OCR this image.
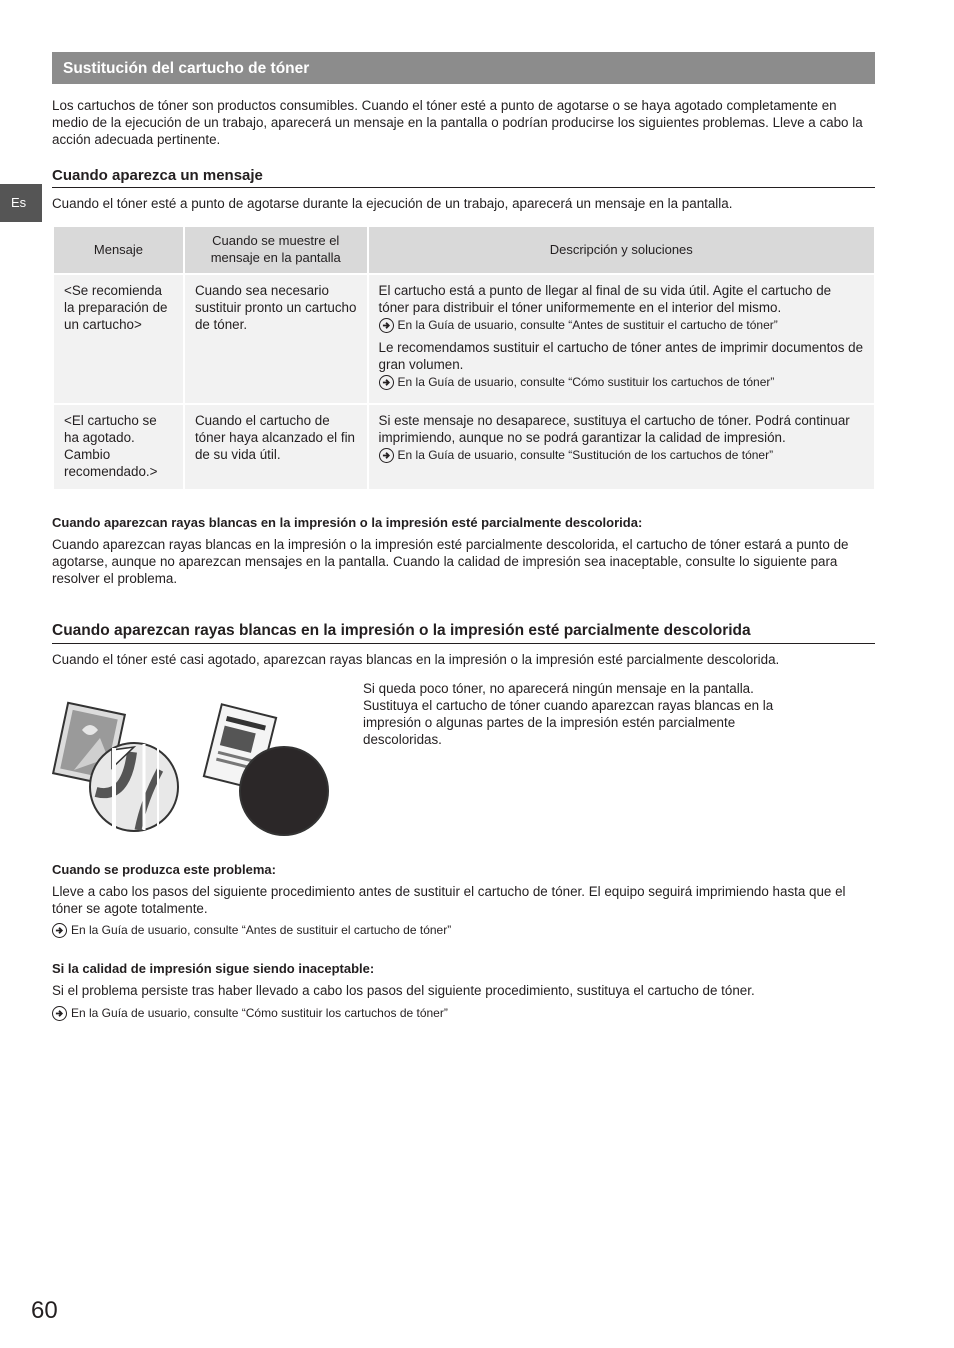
Sustitución del cartucho de tóner

Los cartuchos de tóner son productos consumibles. Cuando el tóner esté a punto de agotarse o se haya agotado completamente en medio de la ejecución de un trabajo, aparecerá un mensaje en la pantalla o podrían producirse los siguientes problemas. Lleve a cabo la acción adecuada pertinente.

Es
Cuando aparezca un mensaje

Cuando el tóner esté a punto de agotarse durante la ejecución de un trabajo, aparecerá un mensaje en la pantalla.

Mensaje	Cuando se muestre el mensaje en la pantalla	Descripción y soluciones
<Se recomienda la preparación de un cartucho>	Cuando sea necesario sustituir pronto un cartucho de tóner.	El cartucho está a punto de llegar al final de su vida útil. Agite el cartucho de tóner para distribuir el tóner uniformemente en el interior del mismo.

En la Guía de usuario, consulte “Antes de sustituir el cartucho de tóner”

Le recomendamos sustituir el cartucho de tóner antes de imprimir documentos de gran volumen.

En la Guía de usuario, consulte “Cómo sustituir los cartuchos de tóner”

<El cartucho se ha agotado. Cambio recomendado.>	Cuando el cartucho de tóner haya alcanzado el fin de su vida útil.	Si este mensaje no desaparece, sustituya el cartucho de tóner. Podrá continuar imprimiendo, aunque no se podrá garantizar la calidad de impresión.

En la Guía de usuario, consulte “Sustitución de los cartuchos de tóner”
Cuando aparezcan rayas blancas en la impresión o la impresión esté parcialmente descolorida:

Cuando aparezcan rayas blancas en la impresión o la impresión esté parcialmente descolorida, el cartucho de tóner estará a punto de agotarse, aunque no aparezcan mensajes en la pantalla. Cuando la calidad de impresión sea inaceptable, consulte lo siguiente para resolver el problema.

Cuando aparezcan rayas blancas en la impresión o la impresión esté parcialmente descolorida

Cuando el tóner esté casi agotado, aparezcan rayas blancas en la impresión o la impresión esté parcialmente descolorida.

Si queda poco tóner, no aparecerá ningún mensaje en la pantalla. Sustituya el cartucho de tóner cuando aparezcan rayas blancas en la impresión o algunas partes de la impresión estén parcialmente descoloridas.

Cuando se produzca este problema:

Lleve a cabo los pasos del siguiente procedimiento antes de sustituir el cartucho de tóner. El equipo seguirá imprimiendo hasta que el tóner se agote totalmente.

En la Guía de usuario, consulte “Antes de sustituir el cartucho de tóner”
Si la calidad de impresión sigue siendo inaceptable:

Si el problema persiste tras haber llevado a cabo los pasos del siguiente procedimiento, sustituya el cartucho de tóner.

En la Guía de usuario, consulte “Cómo sustituir los cartuchos de tóner”
60
